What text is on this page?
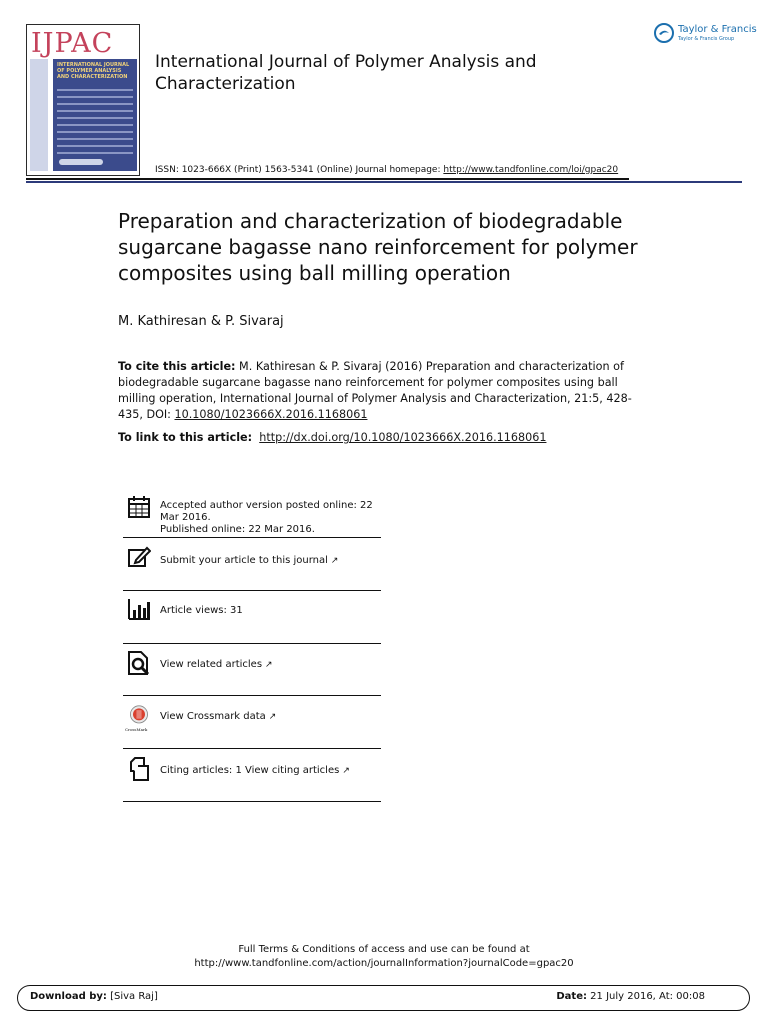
IJPAC
INTERNATIONAL JOURNAL OF POLYMER ANALYSIS AND CHARACTERIZATION
International Journal of Polymer Analysis and Characterization
ISSN: 1023-666X (Print) 1563-5341 (Online) Journal homepage: http://www.tandfonline.com/loi/gpac20
Taylor & Francis
Taylor & Francis Group
Preparation and characterization of biodegradable sugarcane bagasse nano reinforcement for polymer composites using ball milling operation
M. Kathiresan & P. Sivaraj
To cite this article: M. Kathiresan & P. Sivaraj (2016) Preparation and characterization of biodegradable sugarcane bagasse nano reinforcement for polymer composites using ball milling operation, International Journal of Polymer Analysis and Characterization, 21:5, 428-435, DOI: 10.1080/1023666X.2016.1168061
To link to this article: http://dx.doi.org/10.1080/1023666X.2016.1168061
Accepted author version posted online: 22 Mar 2016.
Published online: 22 Mar 2016.
Submit your article to this journal ↗
Article views: 31
View related articles ↗
CrossMark
View Crossmark data ↗
Citing articles: 1 View citing articles ↗
Full Terms & Conditions of access and use can be found at
http://www.tandfonline.com/action/journalInformation?journalCode=gpac20
Download by: [Siva Raj]	Date: 21 July 2016, At: 00:08
